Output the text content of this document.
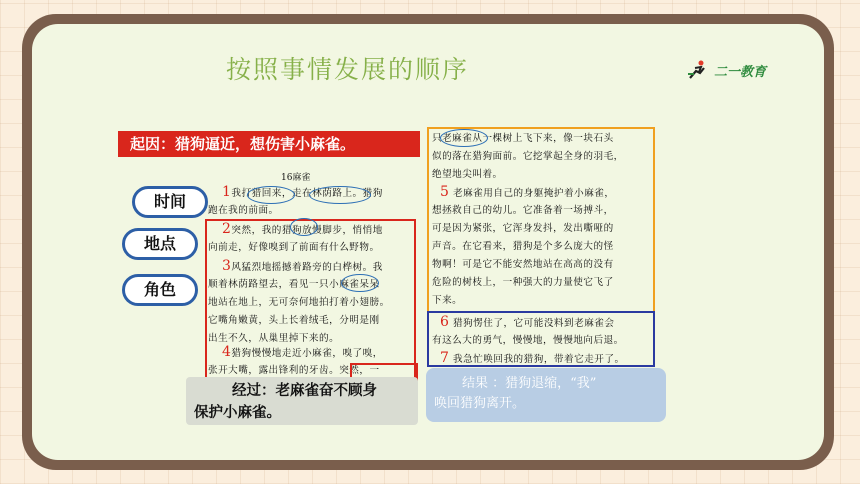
按照事情发展的顺序	二一教育
起因：猎狗逼近，想伤害小麻雀。
时间
地点
角色
16麻雀
1我打猎回来，走在林荫路上。猎狗
跑在我的前面。
2突然，我的猎狗放慢脚步，悄悄地
向前走，好像嗅到了前面有什么野物。
3风猛烈地摇撼着路旁的白桦树。我
顺着林荫路望去，看见一只小麻雀呆呆
地站在地上，无可奈何地拍打着小翅膀。
它嘴角嫩黄，头上长着绒毛，分明是刚
出生不久，从巢里掉下来的。
4猎狗慢慢地走近小麻雀，嗅了嗅，
张开大嘴，露出锋利的牙齿。突然，一
只老麻雀从一棵树上飞下来，像一块石头
似的落在猎狗面前。它挖掌起全身的羽毛，
绝望地尖叫着。
5 老麻雀用自己的身躯掩护着小麻雀，
想拯救自己的幼儿。它准备着一场搏斗，
可是因为紧张，它浑身发抖，发出嘶哑的
声音。在它看来，猎狗是个多么庞大的怪
物啊！可是它不能安然地站在高高的没有
危险的树枝上，一种强大的力量使它飞了
下来。
6 猎狗愣住了，它可能没料到老麻雀会
有这么大的勇气，慢慢地，慢慢地向后退。
7 我急忙唤回我的猎狗，带着它走开了。
经过：老麻雀奋不顾身
保护小麻雀。
结果 ：猎狗退缩，“我”
唤回猎狗离开。
